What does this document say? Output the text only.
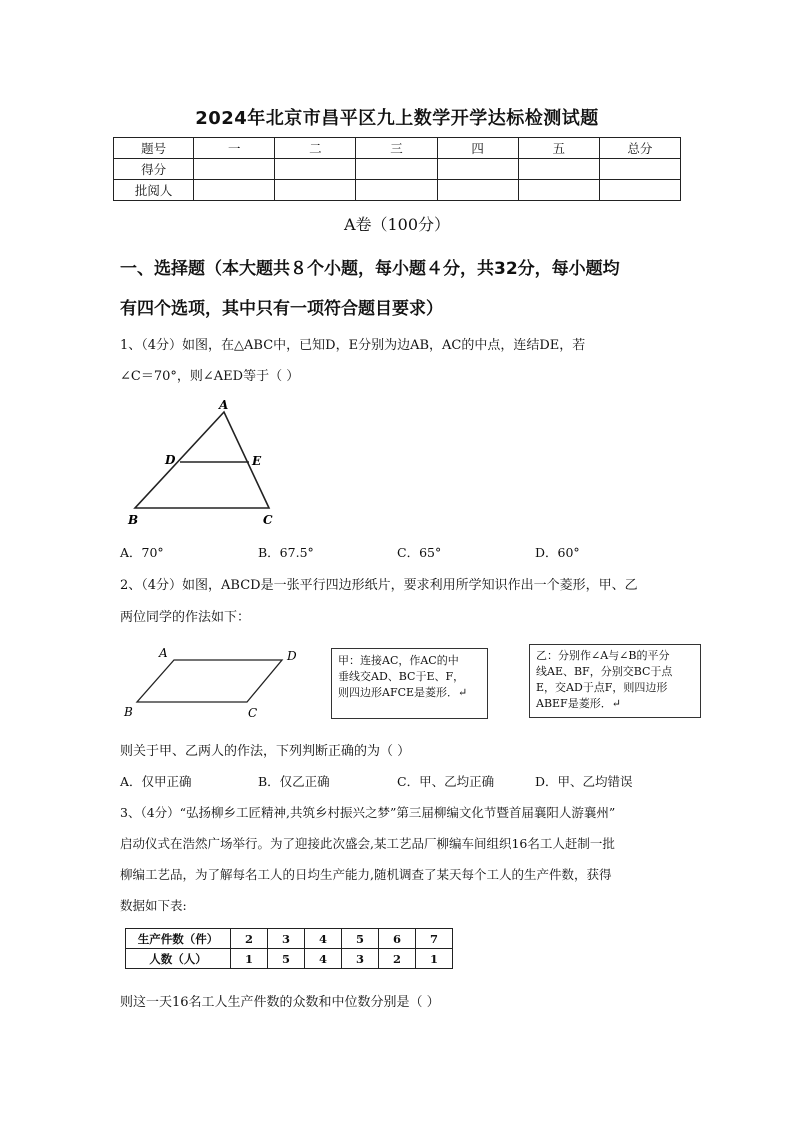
2024年北京市昌平区九上数学开学达标检测试题
题号	一	二	三	四	五	总分
得分						
批阅人						
A卷（100分）
一、选择题（本大题共８个小题，每小题４分，共32分，每小题均
有四个选项，其中只有一项符合题目要求）
1、（4分）如图，在△ABC中，已知D，E分别为边AB，AC的中点，连结DE，若
∠C＝70°，则∠AED等于（ ）
A
D	E
B	C
A．70°	B．67.5°	C．65°	D．60°
2、（4分）如图，ABCD是一张平行四边形纸片，要求利用所学知识作出一个菱形，甲、乙
两位同学的作法如下：
A	D
B	C
甲：连接AC，作AC的中
垂线交AD、BC于E、F，
则四边形AFCE是菱形．↵
乙：分别作∠A与∠B的平分
线AE、BF，分别交BC于点
E，交AD于点F，则四边形
ABEF是菱形．↵
则关于甲、乙两人的作法，下列判断正确的为（ ）
A．仅甲正确	B．仅乙正确	C．甲、乙均正确	D．甲、乙均错误
3、（4分）“弘扬柳乡工匠精神,共筑乡村振兴之梦”第三届柳编文化节暨首届襄阳人游襄州”
启动仪式在浩然广场举行。为了迎接此次盛会,某工艺品厂柳编车间组织16名工人赶制一批
柳编工艺品，为了解每名工人的日均生产能力,随机调查了某天每个工人的生产件数，获得
数据如下表:
生产件数（件）	2	3	4	5	6	7
人数（人）	1	5	4	3	2	1
则这一天16名工人生产件数的众数和中位数分别是（ ）
